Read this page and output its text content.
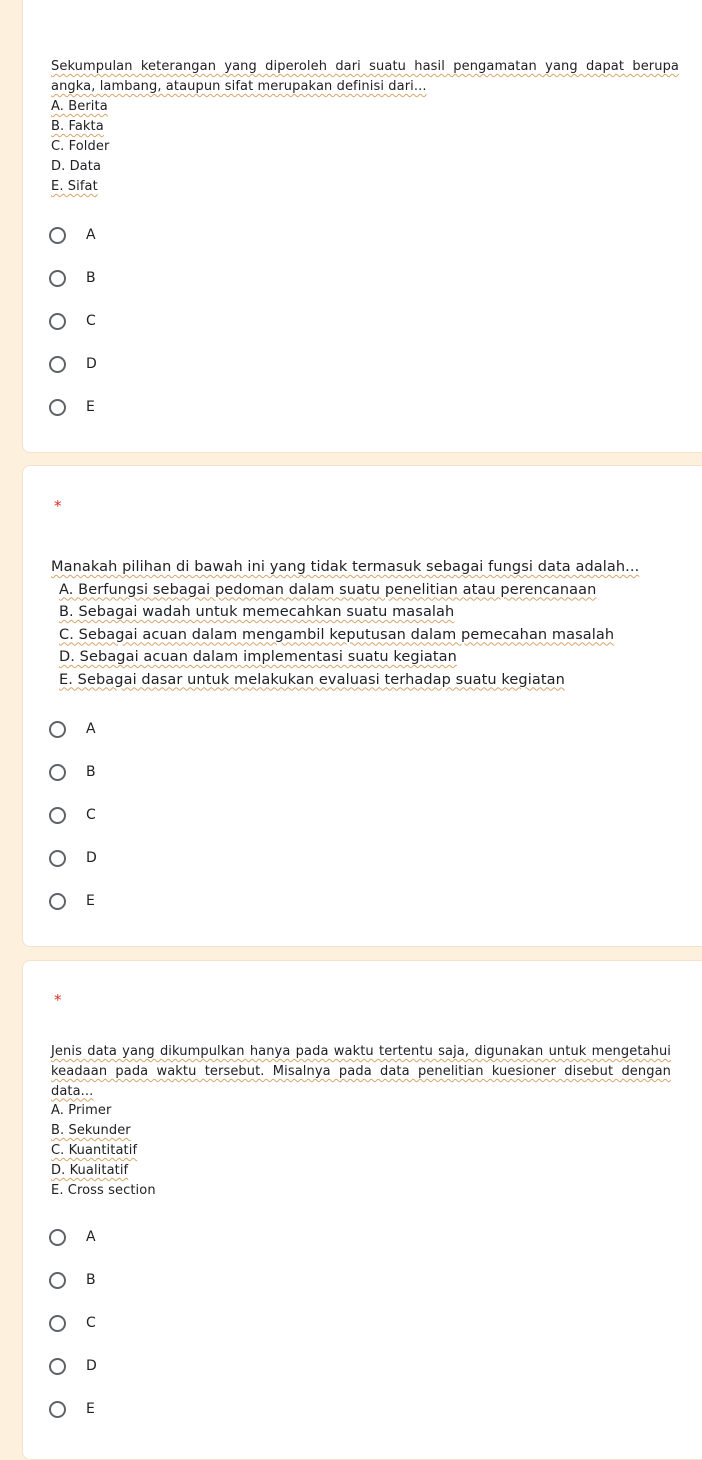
Sekumpulan keterangan yang diperoleh dari suatu hasil pengamatan yang dapat berupa angka, lambang, ataupun sifat merupakan definisi dari...
A. Berita
B. Fakta
C. Folder
D. Data
E. Sifat
A
B
C
D
E
*
Manakah pilihan di bawah ini yang tidak termasuk sebagai fungsi data adalah...
A. Berfungsi sebagai pedoman dalam suatu penelitian atau perencanaan
B. Sebagai wadah untuk memecahkan suatu masalah
C. Sebagai acuan dalam mengambil keputusan dalam pemecahan masalah
D. Sebagai acuan dalam implementasi suatu kegiatan
E. Sebagai dasar untuk melakukan evaluasi terhadap suatu kegiatan
A
B
C
D
E
*
Jenis data yang dikumpulkan hanya pada waktu tertentu saja, digunakan untuk mengetahui keadaan pada waktu tersebut. Misalnya pada data penelitian kuesioner disebut dengan data...
A. Primer
B. Sekunder
C. Kuantitatif
D. Kualitatif
E. Cross section
A
B
C
D
E
